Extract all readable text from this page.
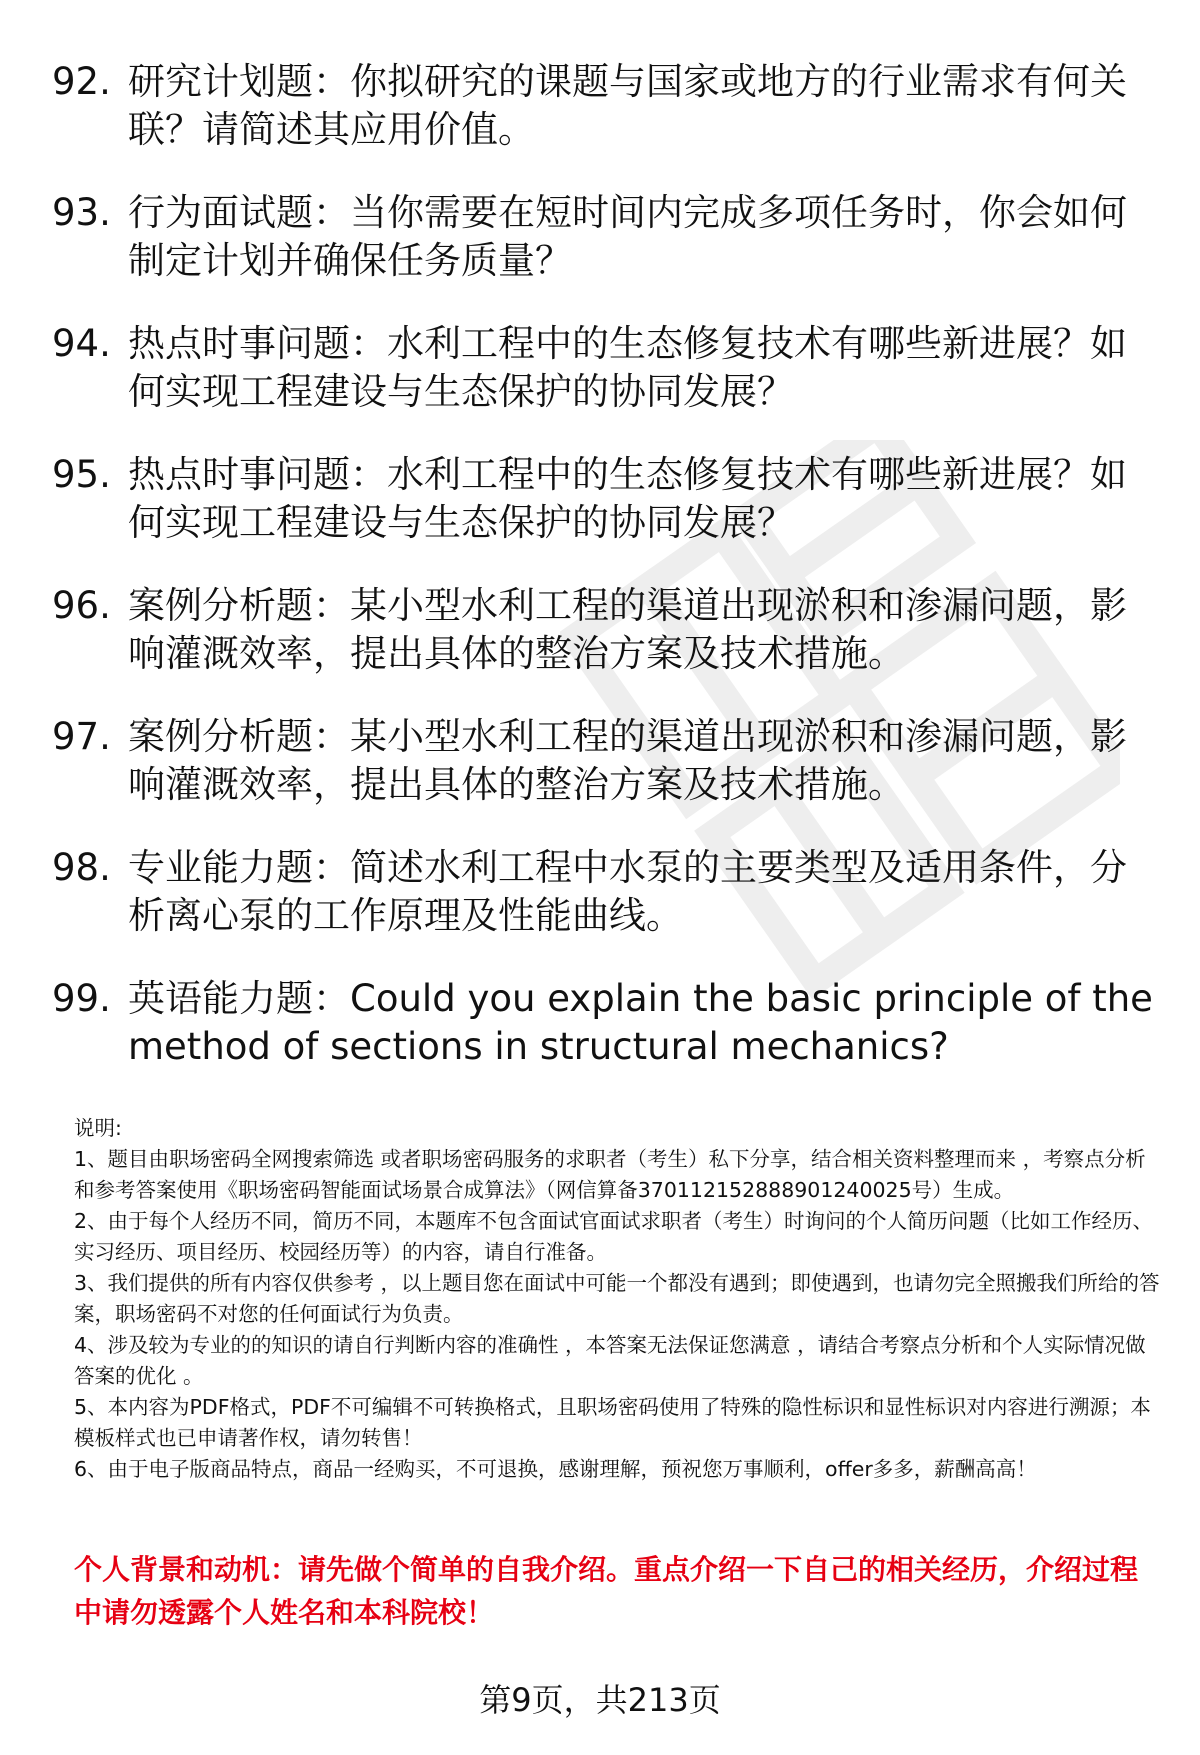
92. 研究计划题：你拟研究的课题与国家或地方的行业需求有何关联？请简述其应用价值。
93. 行为面试题：当你需要在短时间内完成多项任务时，你会如何制定计划并确保任务质量？
94. 热点时事问题：水利工程中的生态修复技术有哪些新进展？如何实现工程建设与生态保护的协同发展？
95. 热点时事问题：水利工程中的生态修复技术有哪些新进展？如何实现工程建设与生态保护的协同发展？
96. 案例分析题：某小型水利工程的渠道出现淤积和渗漏问题，影响灌溉效率，提出具体的整治方案及技术措施。
97. 案例分析题：某小型水利工程的渠道出现淤积和渗漏问题，影响灌溉效率，提出具体的整治方案及技术措施。
98. 专业能力题：简述水利工程中水泵的主要类型及适用条件，分析离心泵的工作原理及性能曲线。
99. 英语能力题：Could you explain the basic principle of the method of sections in structural mechanics?

说明:

1、题目由职场密码全网搜索筛选 或者职场密码服务的求职者（考生）私下分享，结合相关资料整理而来 ，考察点分析和参考答案使用《职场密码智能面试场景合成算法》（网信算备370112152888901240025号）生成。

2、由于每个人经历不同，简历不同，本题库不包含面试官面试求职者（考生）时询问的个人简历问题（比如工作经历、实习经历、项目经历、校园经历等）的内容，请自行准备。

3、我们提供的所有内容仅供参考 ，以上题目您在面试中可能一个都没有遇到；即使遇到，也请勿完全照搬我们所给的答案，职场密码不对您的任何面试行为负责。

4、涉及较为专业的的知识的请自行判断内容的准确性 ，本答案无法保证您满意 ，请结合考察点分析和个人实际情况做答案的优化 。

5、本内容为PDF格式，PDF不可编辑不可转换格式，且职场密码使用了特殊的隐性标识和显性标识对内容进行溯源；本模板样式也已申请著作权，请勿转售！

6、由于电子版商品特点，商品一经购买，不可退换，感谢理解，预祝您万事顺利，offer多多，薪酬高高！

个人背景和动机：请先做个简单的自我介绍。重点介绍一下自己的相关经历，介绍过程中请勿透露个人姓名和本科院校！
第9页，共213页
